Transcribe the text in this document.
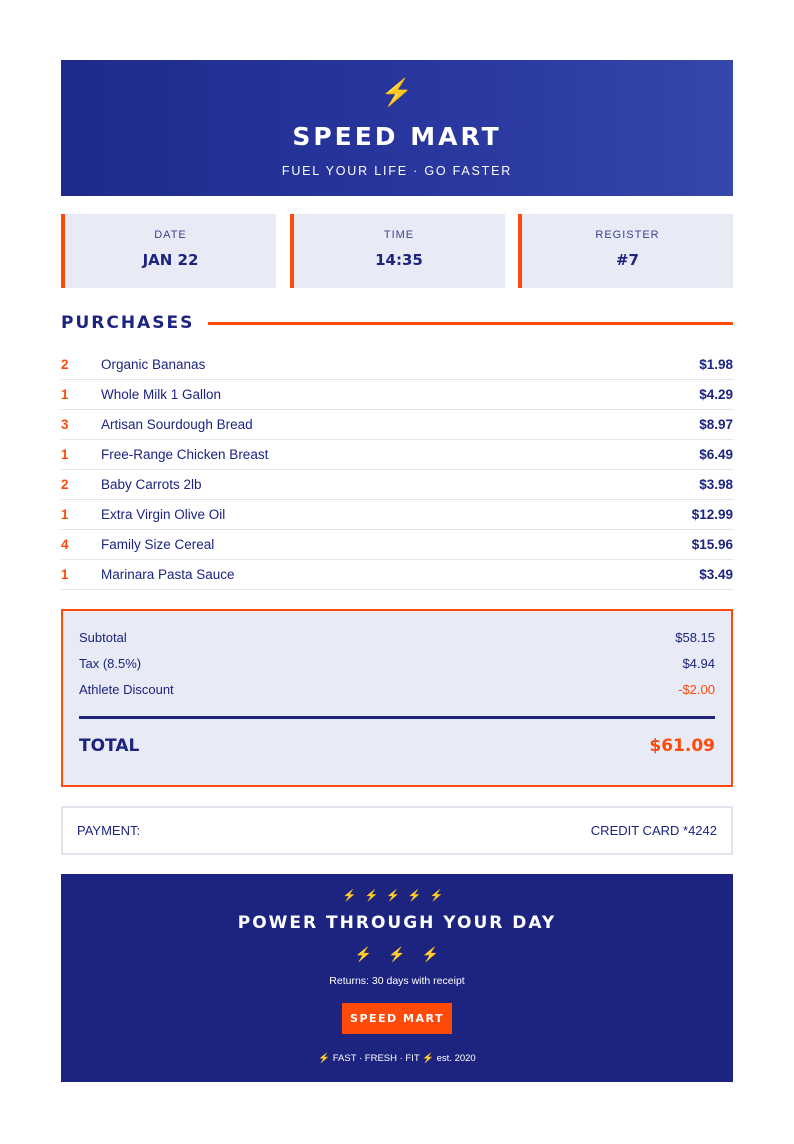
⚡
SPEED MART
FUEL YOUR LIFE · GO FASTER
DATE
JAN 22
TIME
14:35
REGISTER
#7
PURCHASES
2	Organic Bananas	$1.98
1	Whole Milk 1 Gallon	$4.29
3	Artisan Sourdough Bread	$8.97
1	Free-Range Chicken Breast	$6.49
2	Baby Carrots 2lb	$3.98
1	Extra Virgin Olive Oil	$12.99
4	Family Size Cereal	$15.96
1	Marinara Pasta Sauce	$3.49
Subtotal	$58.15
Tax (8.5%)	$4.94
Athlete Discount	-$2.00
TOTAL	$61.09
PAYMENT:	CREDIT CARD *4242
⚡⚡⚡⚡⚡
POWER THROUGH YOUR DAY
⚡⚡⚡
Returns: 30 days with receipt
SPEED MART
⚡ FAST · FRESH · FIT ⚡ est. 2020
